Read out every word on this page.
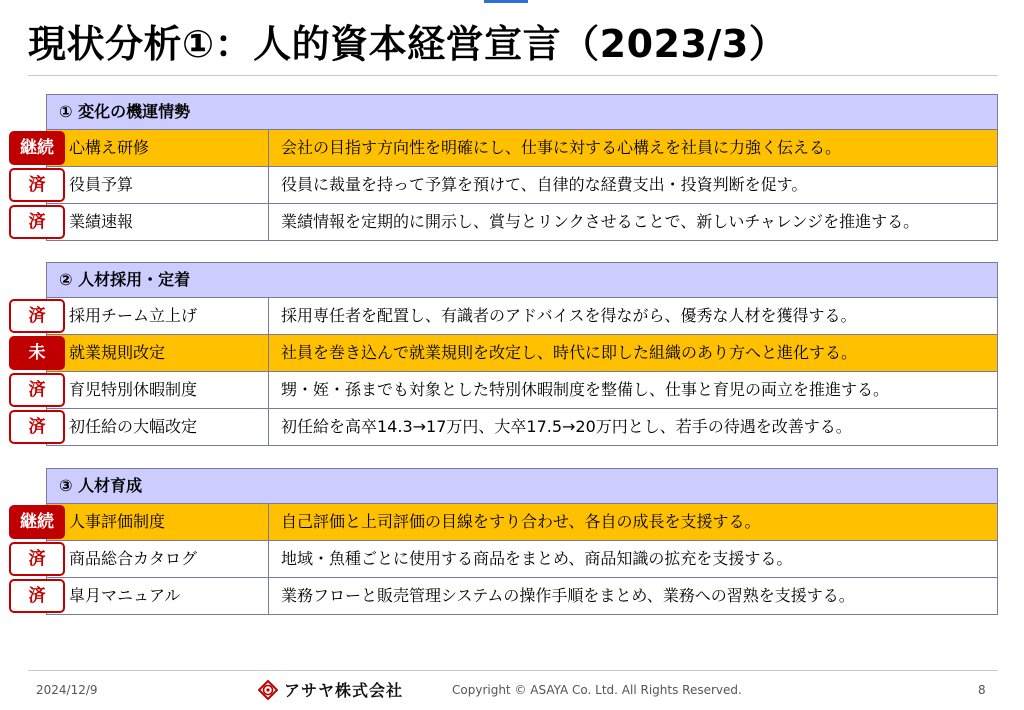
現状分析①：人的資本経営宣言（2023/3）
① 変化の機運情勢
継続 心構え研修	会社の目指す方向性を明確にし、仕事に対する心構えを社員に力強く伝える。
済	役員予算	役員に裁量を持って予算を預けて、自律的な経費支出・投資判断を促す。
済	業績速報	業績情報を定期的に開示し、賞与とリンクさせることで、新しいチャレンジを推進する。
② 人材採用・定着
済	採用チーム立上げ	採用専任者を配置し、有識者のアドバイスを得ながら、優秀な人材を獲得する。
未	就業規則改定	社員を巻き込んで就業規則を改定し、時代に即した組織のあり方へと進化する。
済	育児特別休暇制度	甥・姪・孫までも対象とした特別休暇制度を整備し、仕事と育児の両立を推進する。
済	初任給の大幅改定	初任給を高卒14.3→17万円、大卒17.5→20万円とし、若手の待遇を改善する。
③ 人材育成
継続 人事評価制度	自己評価と上司評価の目線をすり合わせ、各自の成長を支援する。
済	商品総合カタログ	地域・魚種ごとに使用する商品をまとめ、商品知識の拡充を支援する。
済	皐月マニュアル	業務フローと販売管理システムの操作手順をまとめ、業務への習熟を支援する。
2024/12/9	アサヤ株式会社	Copyright © ASAYA Co. Ltd. All Rights Reserved.	8
